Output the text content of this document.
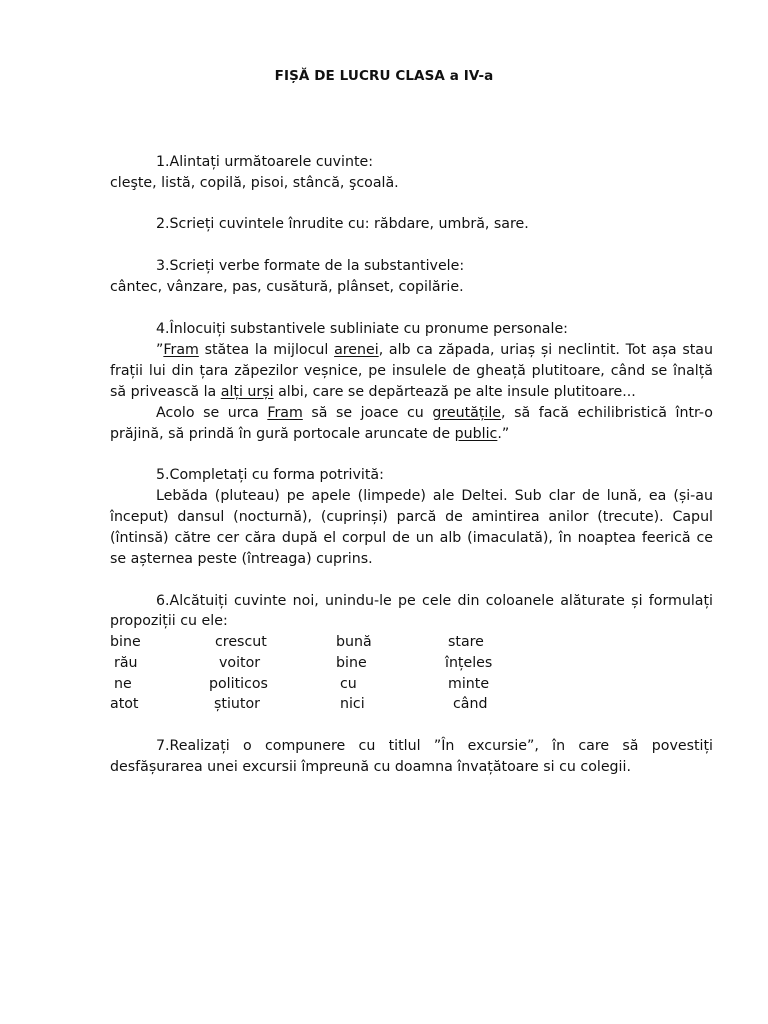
FIȘĂ DE LUCRU CLASA a IV-a
1.Alintați următoarele cuvinte:
cleşte, listă, copilă, pisoi, stâncă, şcoală.
2.Scrieți cuvintele înrudite cu: răbdare, umbră, sare.
3.Scrieți verbe formate de la substantivele:
cântec, vânzare, pas, cusătură, plânset, copilărie.
4.Înlocuiți substantivele subliniate cu pronume personale:
”Fram stătea la mijlocul arenei, alb ca zăpada, uriaș și neclintit. Tot așa stau
frații lui din țara zăpezilor veșnice, pe insulele de gheață plutitoare, când se înalță
să privească la alți urși albi, care se depărtează pe alte insule plutitoare...
Acolo se urca Fram să se joace cu greutățile, să facă echilibristică într-o
prăjină, să prindă în gură portocale aruncate de public.”
5.Completați cu forma potrivită:
Lebăda (pluteau) pe apele (limpede) ale Deltei. Sub clar de lună, ea (și-au
început) dansul (nocturnă), (cuprinși) parcă de amintirea anilor (trecute). Capul
(întinsă) către cer căra după el corpul de un alb (imaculată), în noaptea feerică ce
se așternea peste (întreaga) cuprins.
6.Alcătuiți cuvinte noi, unindu-le pe cele din coloanele alăturate și formulați
propoziții cu ele:
bine	crescut	bună	stare
rău	voitor	bine	înțeles
ne	politicos	cu	minte
atot	știutor	nici	când
7.Realizați o compunere cu titlul ”În excursie”, în care să povestiți
desfășurarea unei excursii împreună cu doamna învațătoare si cu colegii.
